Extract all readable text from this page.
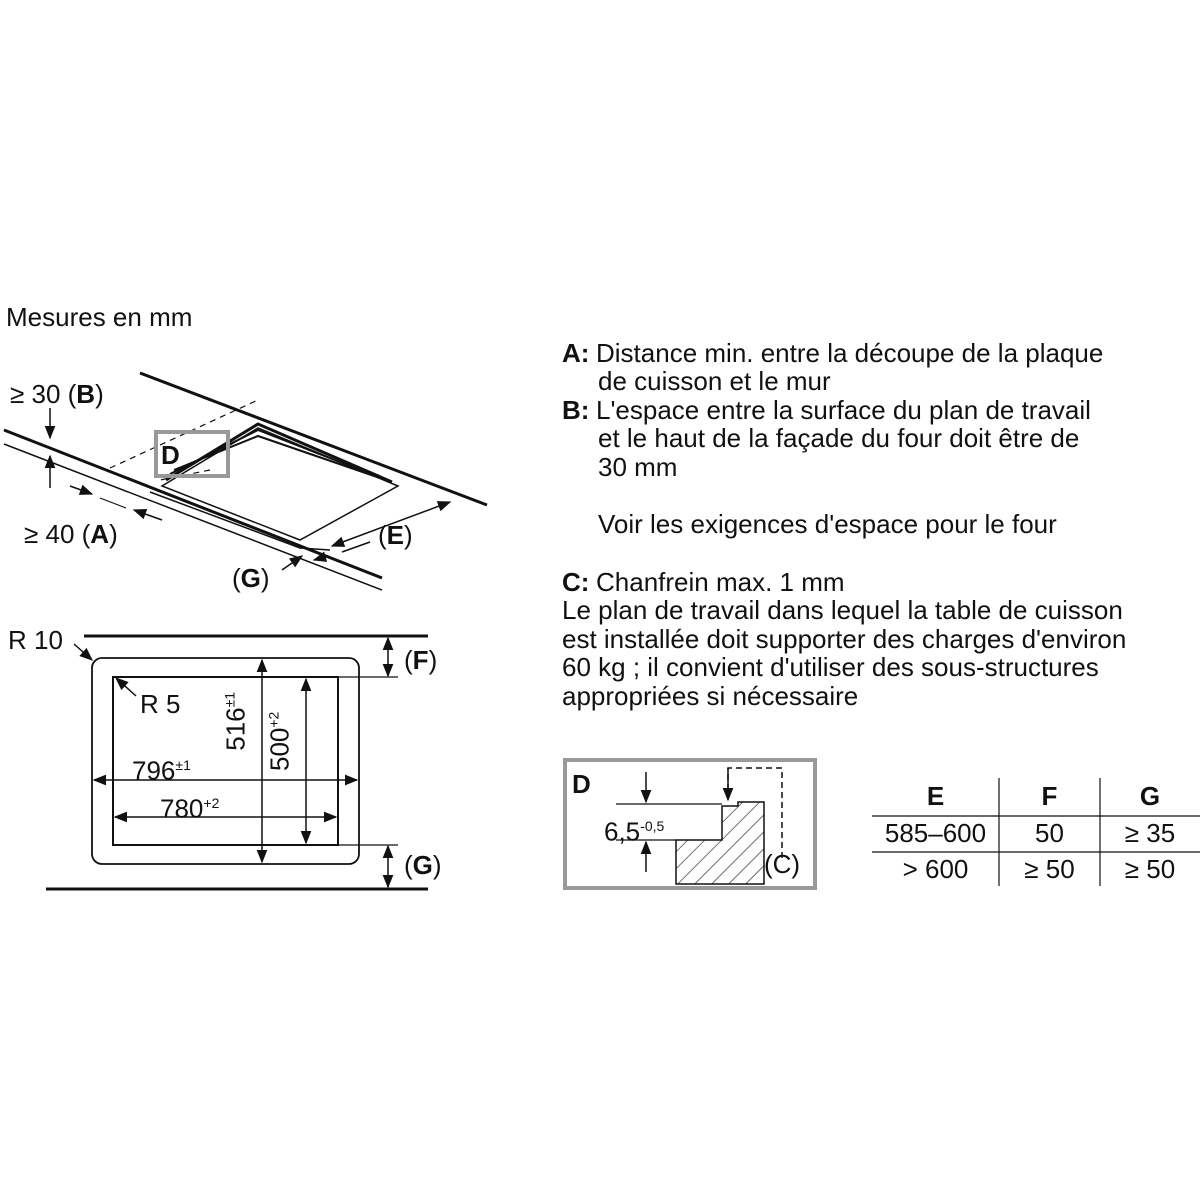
Mesures en mm
≥ 30 (B)
≥ 40 (A)
D
(E)
(G)
R 10
R 5
$796^{\pm 1}$
$780^{+2}$
$516^{\pm 1}$
$500^{+2}$
(F)
(G)
D
$6,5^{-0,5}$
(C)
A: Distance min. entre la découpe de la plaque
de cuisson et le mur
B: L'espace entre la surface du plan de travail
et le haut de la façade du four doit être de
30 mm
Voir les exigences d'espace pour le four
C: Chanfrein max. 1 mm
Le plan de travail dans lequel la table de cuisson
est installée doit supporter des charges d'environ
60 kg ; il convient d'utiliser des sous-structures
appropriées si nécessaire
E	F	G
585–600	50	≥ 35
> 600	≥ 50	≥ 50
